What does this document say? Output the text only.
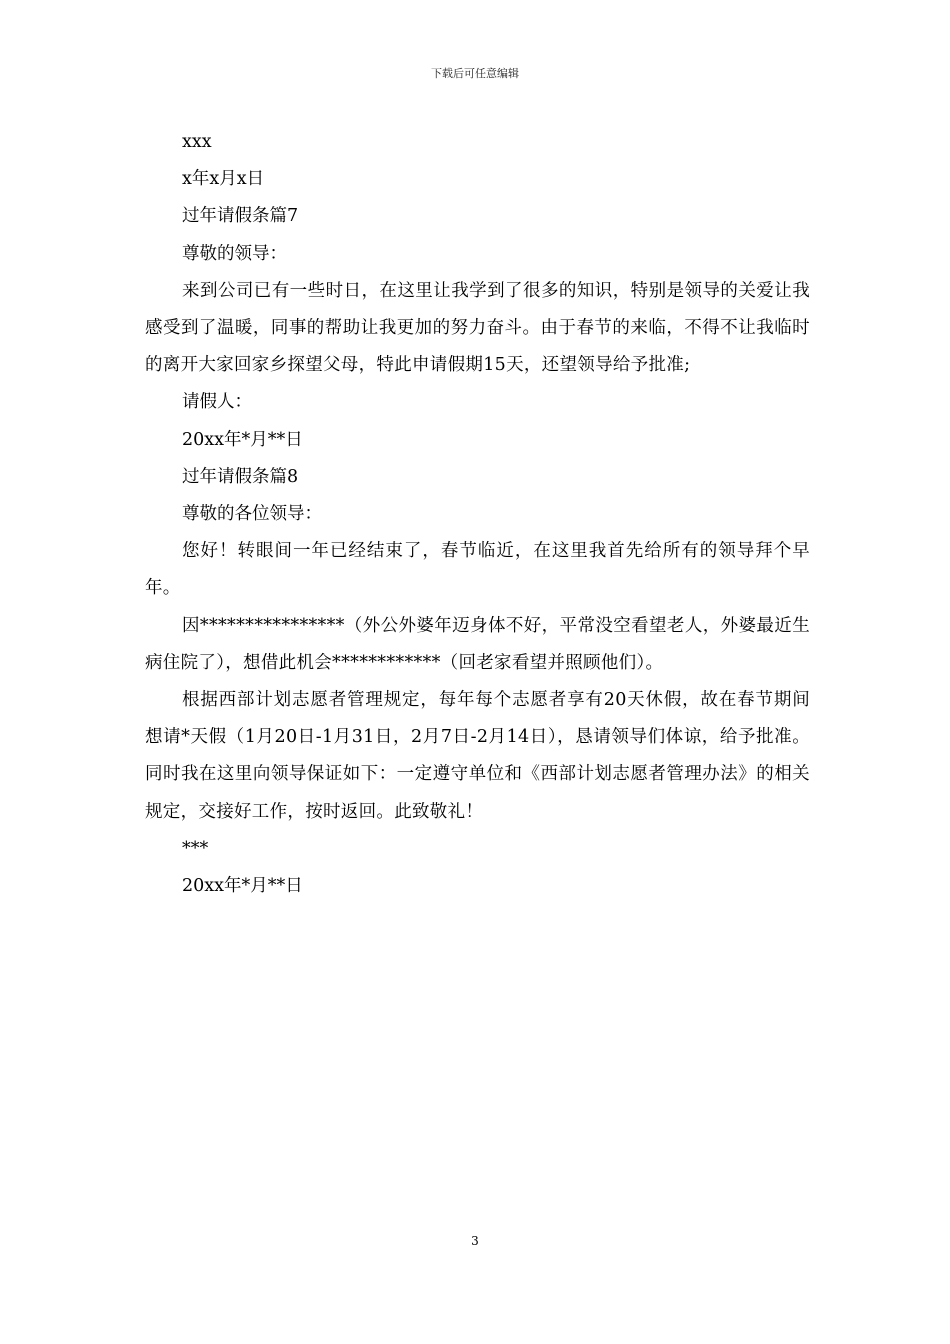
下载后可任意编辑
xxx
x年x月x日
过年请假条篇7
尊敬的领导：
来到公司已有一些时日，在这里让我学到了很多的知识，特别是领导的关爱让我感受到了温暖，同事的帮助让我更加的努力奋斗。由于春节的来临，不得不让我临时的离开大家回家乡探望父母，特此申请假期15天，还望领导给予批准;
请假人：
20xx年*月**日
过年请假条篇8
尊敬的各位领导：
您好！转眼间一年已经结束了，春节临近，在这里我首先给所有的领导拜个早年。
因****************（外公外婆年迈身体不好，平常没空看望老人，外婆最近生病住院了），想借此机会************（回老家看望并照顾他们）。
根据西部计划志愿者管理规定，每年每个志愿者享有20天休假，故在春节期间想请*天假（1月20日-1月31日，2月7日-2月14日），恳请领导们体谅，给予批准。同时我在这里向领导保证如下：一定遵守单位和《西部计划志愿者管理办法》的相关规定，交接好工作，按时返回。此致敬礼！
***
20xx年*月**日
3
